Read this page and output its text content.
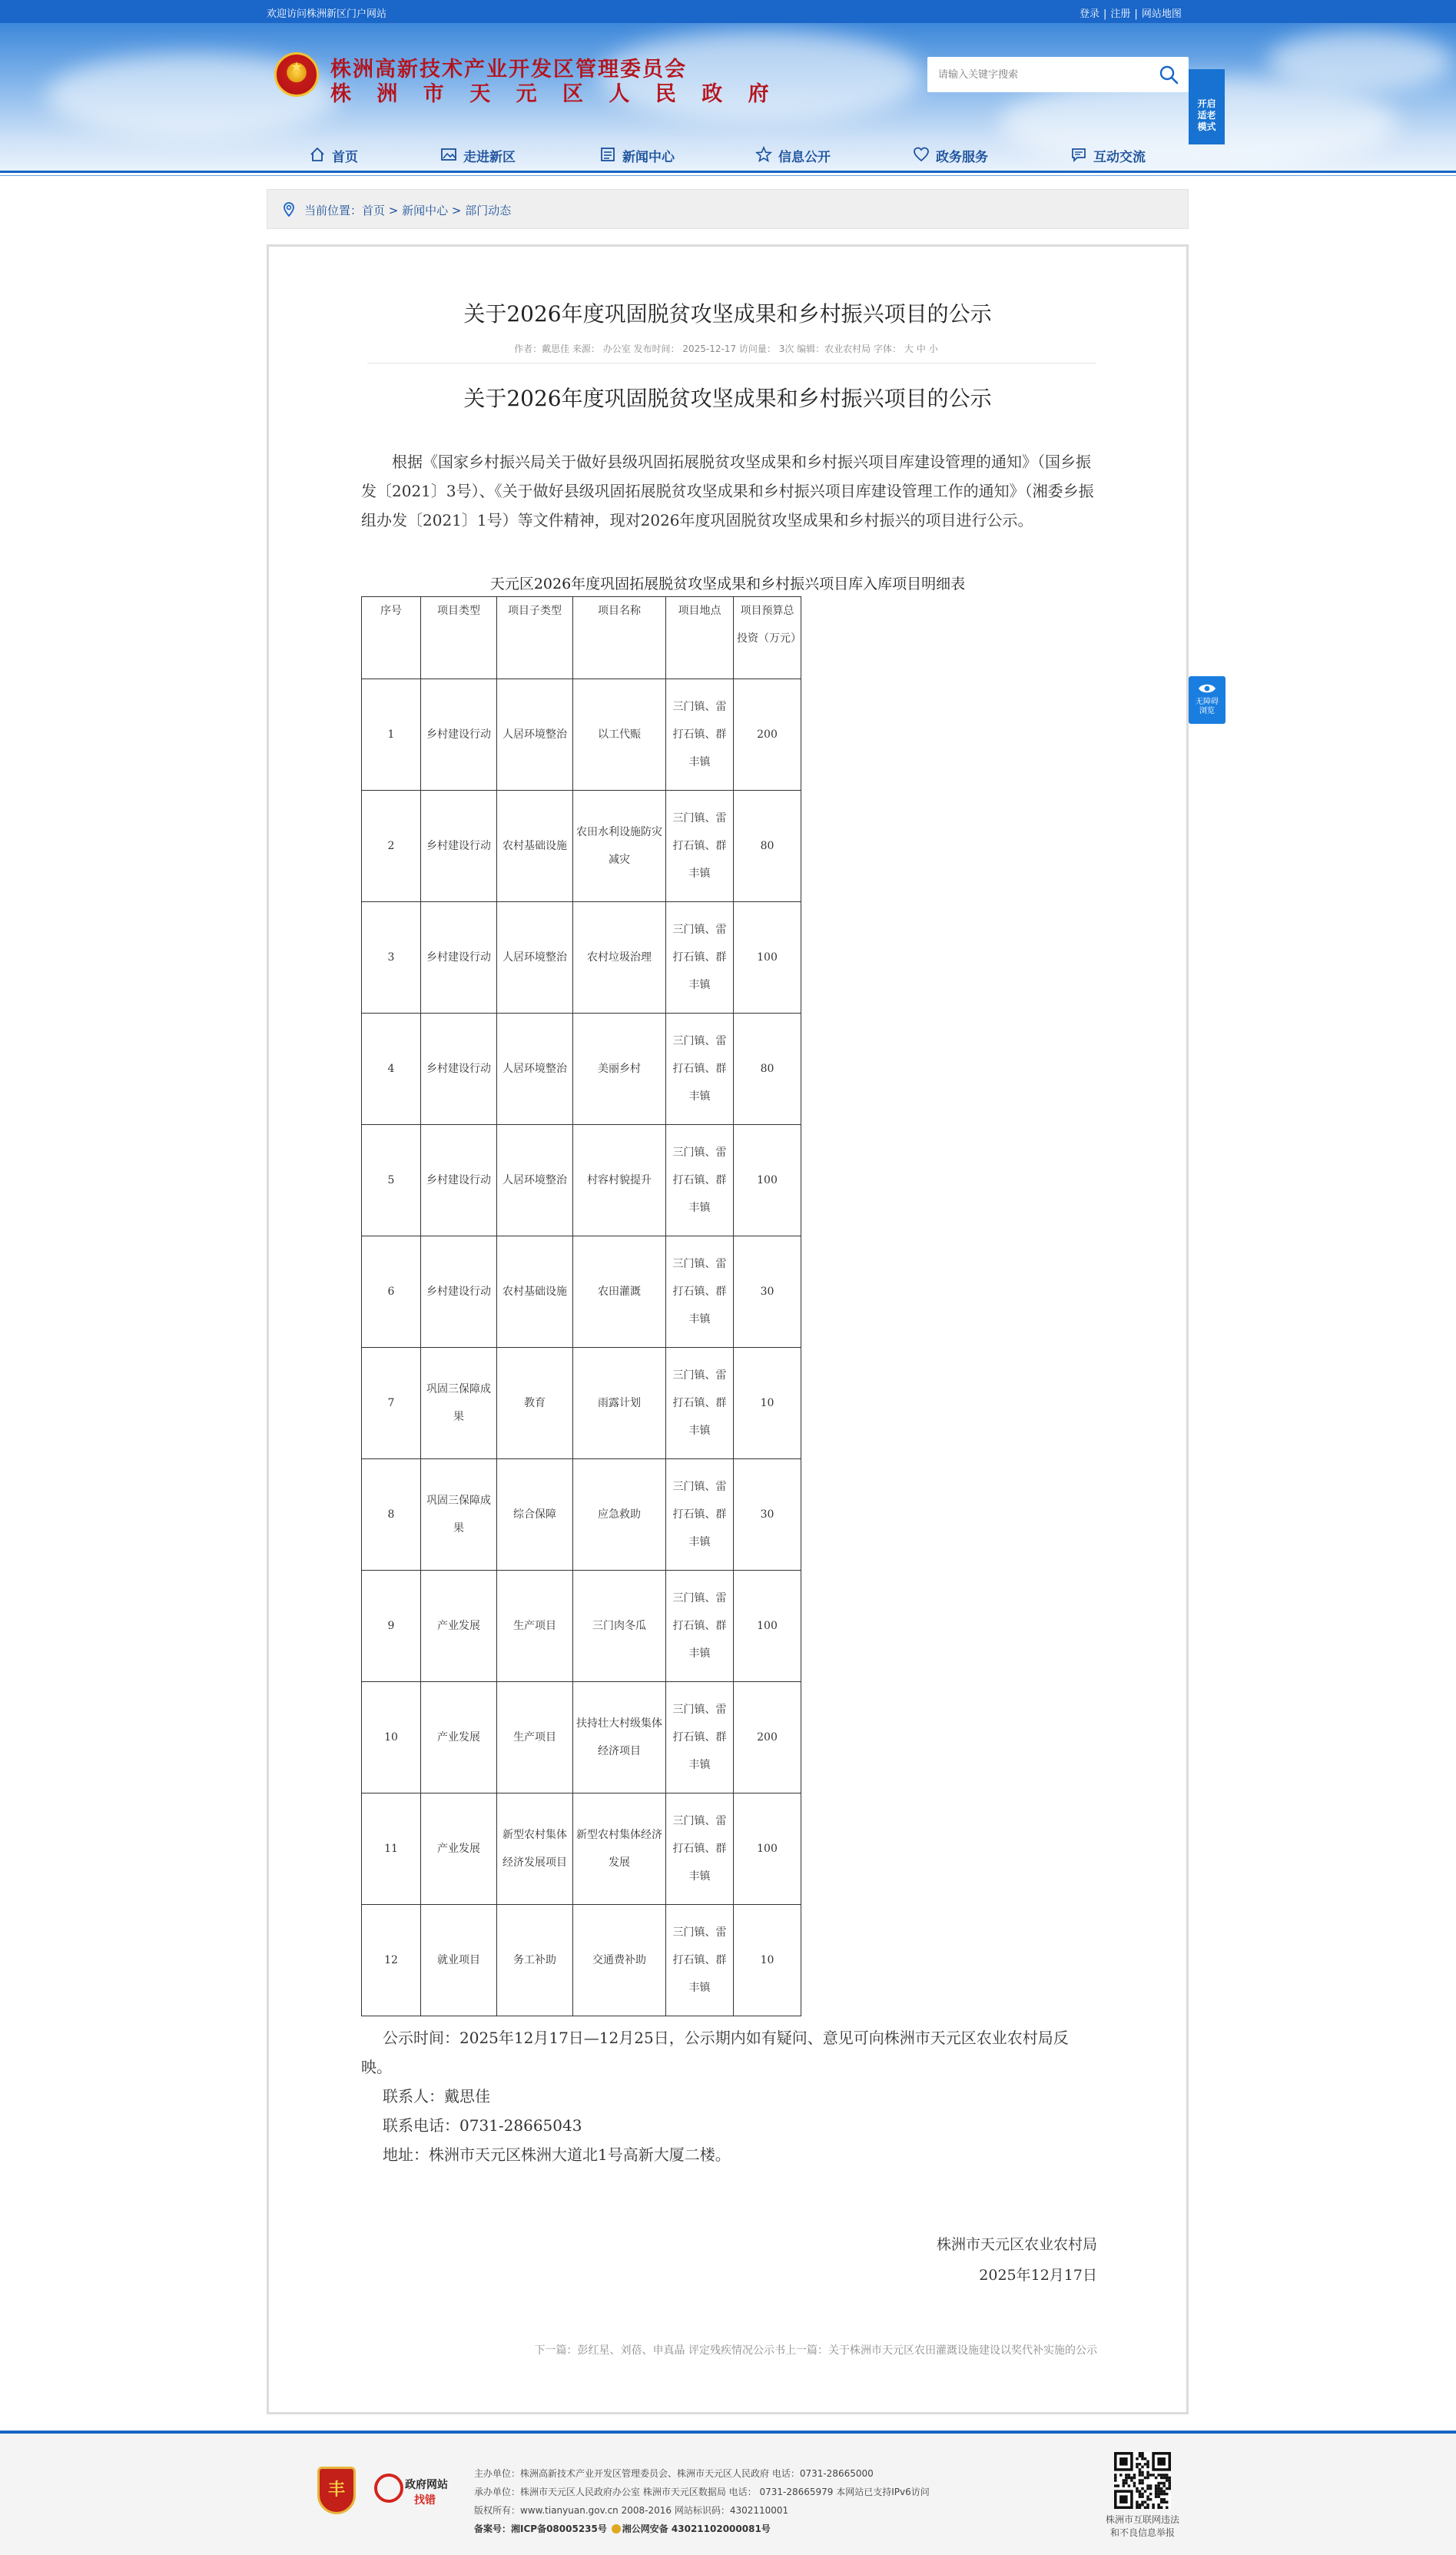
欢迎访问株洲新区门户网站	登录 | 注册 | 网站地图
★	株洲高新技术产业开发区管理委员会
株 洲 市 天 元 区 人 民 政 府
请输入关键字搜索	开启
适老
模式
首页	走进新区	新闻中心	信息公开	政务服务	互动交流
当前位置：首页 > 新闻中心 > 部门动态
关于2026年度巩固脱贫攻坚成果和乡村振兴项目的公示
作者：戴思佳 来源： 办公室 发布时间： 2025-12-17 访问量： 3次 编辑：农业农村局 字体： 大 中 小
关于2026年度巩固脱贫攻坚成果和乡村振兴项目的公示
根据《国家乡村振兴局关于做好县级巩固拓展脱贫攻坚成果和乡村振兴项目库建设管理的通知》（国乡振发〔2021〕3号）、《关于做好县级巩固拓展脱贫攻坚成果和乡村振兴项目库建设管理工作的通知》（湘委乡振组办发〔2021〕1号）等文件精神，现对2026年度巩固脱贫攻坚成果和乡村振兴的项目进行公示。
天元区2026年度巩固拓展脱贫攻坚成果和乡村振兴项目库入库项目明细表
序号	项目类型	项目子类型	项目名称	项目地点	项目预算总投资（万元）
1	乡村建设行动	人居环境整治	以工代赈	三门镇、雷打石镇、群丰镇	200
2	乡村建设行动	农村基础设施	农田水利设施防灾减灾	三门镇、雷打石镇、群丰镇	80
3	乡村建设行动	人居环境整治	农村垃圾治理	三门镇、雷打石镇、群丰镇	100
4	乡村建设行动	人居环境整治	美丽乡村	三门镇、雷打石镇、群丰镇	80
5	乡村建设行动	人居环境整治	村容村貌提升	三门镇、雷打石镇、群丰镇	100
6	乡村建设行动	农村基础设施	农田灌溉	三门镇、雷打石镇、群丰镇	30
7	巩固三保障成果	教育	雨露计划	三门镇、雷打石镇、群丰镇	10
8	巩固三保障成果	综合保障	应急救助	三门镇、雷打石镇、群丰镇	30
9	产业发展	生产项目	三门肉冬瓜	三门镇、雷打石镇、群丰镇	100
10	产业发展	生产项目	扶持壮大村级集体经济项目	三门镇、雷打石镇、群丰镇	200
11	产业发展	新型农村集体经济发展项目	新型农村集体经济发展	三门镇、雷打石镇、群丰镇	100
12	就业项目	务工补助	交通费补助	三门镇、雷打石镇、群丰镇	10

公示时间：2025年12月17日—12月25日，公示期内如有疑问、意见可向株洲市天元区农业农村局反映。

联系人：戴思佳

联系电话：0731-28665043

地址：株洲市天元区株洲大道北1号高新大厦二楼。

株洲市天元区农业农村局
2025年12月17日
下一篇：彭红星、刘蓓、申真晶 评定残疾情况公示书上一篇：关于株洲市天元区农田灌溉设施建设以奖代补实施的公示
无障碍
浏览
丰	政府网站
找错
主办单位：株洲高新技术产业开发区管理委员会、株洲市天元区人民政府 电话：0731-28665000
承办单位：株洲市天元区人民政府办公室 株洲市天元区数据局 电话： 0731-28665979 本网站已支持IPv6访问
版权所有：www.tianyuan.gov.cn 2008-2016 网站标识码：4302110001
备案号：湘ICP备08005235号 湘公网安备 43021102000081号
株洲市互联网违法
和不良信息举报
